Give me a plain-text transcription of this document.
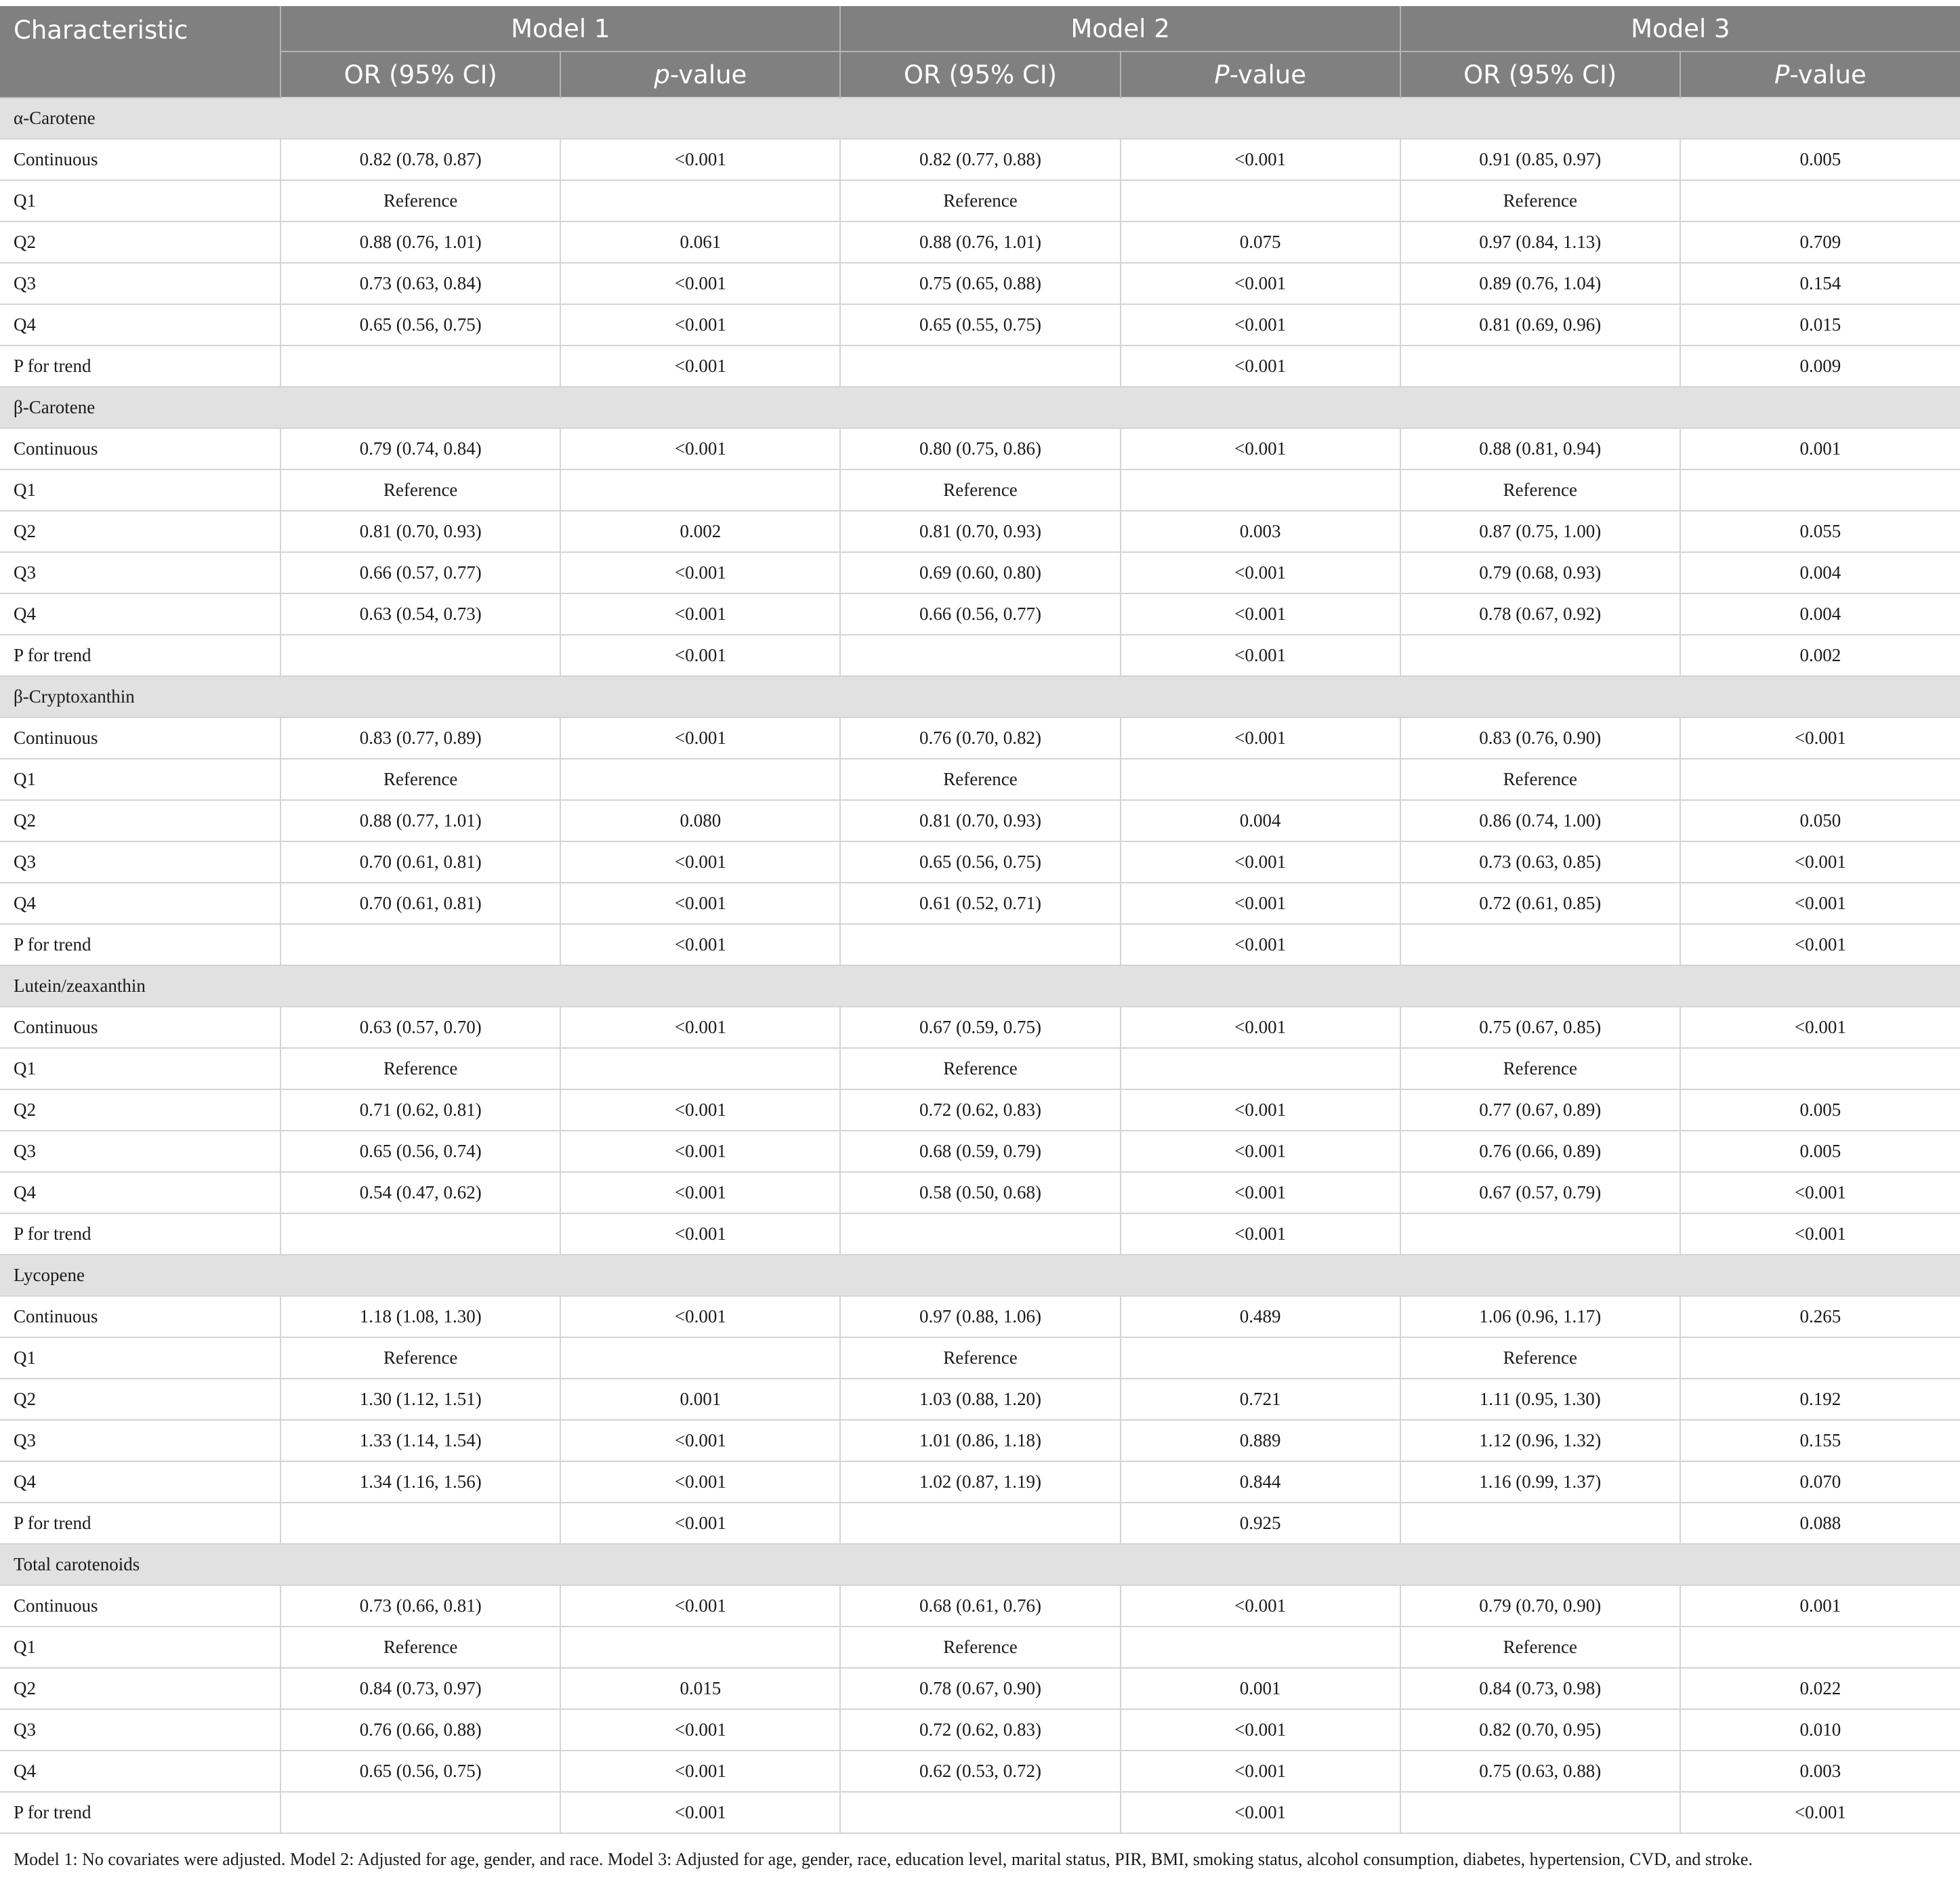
Characteristic	Model 1		Model 2		Model 3	
	OR (95% CI)	p-value	OR (95% CI)	P-value	OR (95% CI)	P-value
α-Carotene						
Continuous	0.82 (0.78, 0.87)	<0.001	0.82 (0.77, 0.88)	<0.001	0.91 (0.85, 0.97)	0.005
Q1	Reference		Reference		Reference	
Q2	0.88 (0.76, 1.01)	0.061	0.88 (0.76, 1.01)	0.075	0.97 (0.84, 1.13)	0.709
Q3	0.73 (0.63, 0.84)	<0.001	0.75 (0.65, 0.88)	<0.001	0.89 (0.76, 1.04)	0.154
Q4	0.65 (0.56, 0.75)	<0.001	0.65 (0.55, 0.75)	<0.001	0.81 (0.69, 0.96)	0.015
P for trend		<0.001		<0.001		0.009
β-Carotene						
Continuous	0.79 (0.74, 0.84)	<0.001	0.80 (0.75, 0.86)	<0.001	0.88 (0.81, 0.94)	0.001
Q1	Reference		Reference		Reference	
Q2	0.81 (0.70, 0.93)	0.002	0.81 (0.70, 0.93)	0.003	0.87 (0.75, 1.00)	0.055
Q3	0.66 (0.57, 0.77)	<0.001	0.69 (0.60, 0.80)	<0.001	0.79 (0.68, 0.93)	0.004
Q4	0.63 (0.54, 0.73)	<0.001	0.66 (0.56, 0.77)	<0.001	0.78 (0.67, 0.92)	0.004
P for trend		<0.001		<0.001		0.002
β-Cryptoxanthin						
Continuous	0.83 (0.77, 0.89)	<0.001	0.76 (0.70, 0.82)	<0.001	0.83 (0.76, 0.90)	<0.001
Q1	Reference		Reference		Reference	
Q2	0.88 (0.77, 1.01)	0.080	0.81 (0.70, 0.93)	0.004	0.86 (0.74, 1.00)	0.050
Q3	0.70 (0.61, 0.81)	<0.001	0.65 (0.56, 0.75)	<0.001	0.73 (0.63, 0.85)	<0.001
Q4	0.70 (0.61, 0.81)	<0.001	0.61 (0.52, 0.71)	<0.001	0.72 (0.61, 0.85)	<0.001
P for trend		<0.001		<0.001		<0.001
Lutein/zeaxanthin						
Continuous	0.63 (0.57, 0.70)	<0.001	0.67 (0.59, 0.75)	<0.001	0.75 (0.67, 0.85)	<0.001
Q1	Reference		Reference		Reference	
Q2	0.71 (0.62, 0.81)	<0.001	0.72 (0.62, 0.83)	<0.001	0.77 (0.67, 0.89)	0.005
Q3	0.65 (0.56, 0.74)	<0.001	0.68 (0.59, 0.79)	<0.001	0.76 (0.66, 0.89)	0.005
Q4	0.54 (0.47, 0.62)	<0.001	0.58 (0.50, 0.68)	<0.001	0.67 (0.57, 0.79)	<0.001
P for trend		<0.001		<0.001		<0.001
Lycopene						
Continuous	1.18 (1.08, 1.30)	<0.001	0.97 (0.88, 1.06)	0.489	1.06 (0.96, 1.17)	0.265
Q1	Reference		Reference		Reference	
Q2	1.30 (1.12, 1.51)	0.001	1.03 (0.88, 1.20)	0.721	1.11 (0.95, 1.30)	0.192
Q3	1.33 (1.14, 1.54)	<0.001	1.01 (0.86, 1.18)	0.889	1.12 (0.96, 1.32)	0.155
Q4	1.34 (1.16, 1.56)	<0.001	1.02 (0.87, 1.19)	0.844	1.16 (0.99, 1.37)	0.070
P for trend		<0.001		0.925		0.088
Total carotenoids						
Continuous	0.73 (0.66, 0.81)	<0.001	0.68 (0.61, 0.76)	<0.001	0.79 (0.70, 0.90)	0.001
Q1	Reference		Reference		Reference	
Q2	0.84 (0.73, 0.97)	0.015	0.78 (0.67, 0.90)	0.001	0.84 (0.73, 0.98)	0.022
Q3	0.76 (0.66, 0.88)	<0.001	0.72 (0.62, 0.83)	<0.001	0.82 (0.70, 0.95)	0.010
Q4	0.65 (0.56, 0.75)	<0.001	0.62 (0.53, 0.72)	<0.001	0.75 (0.63, 0.88)	0.003
P for trend		<0.001		<0.001		<0.001
Model 1: No covariates were adjusted. Model 2: Adjusted for age, gender, and race. Model 3: Adjusted for age, gender, race, education level, marital status, PIR, BMI, smoking status, alcohol consumption, diabetes, hypertension, CVD, and stroke.
